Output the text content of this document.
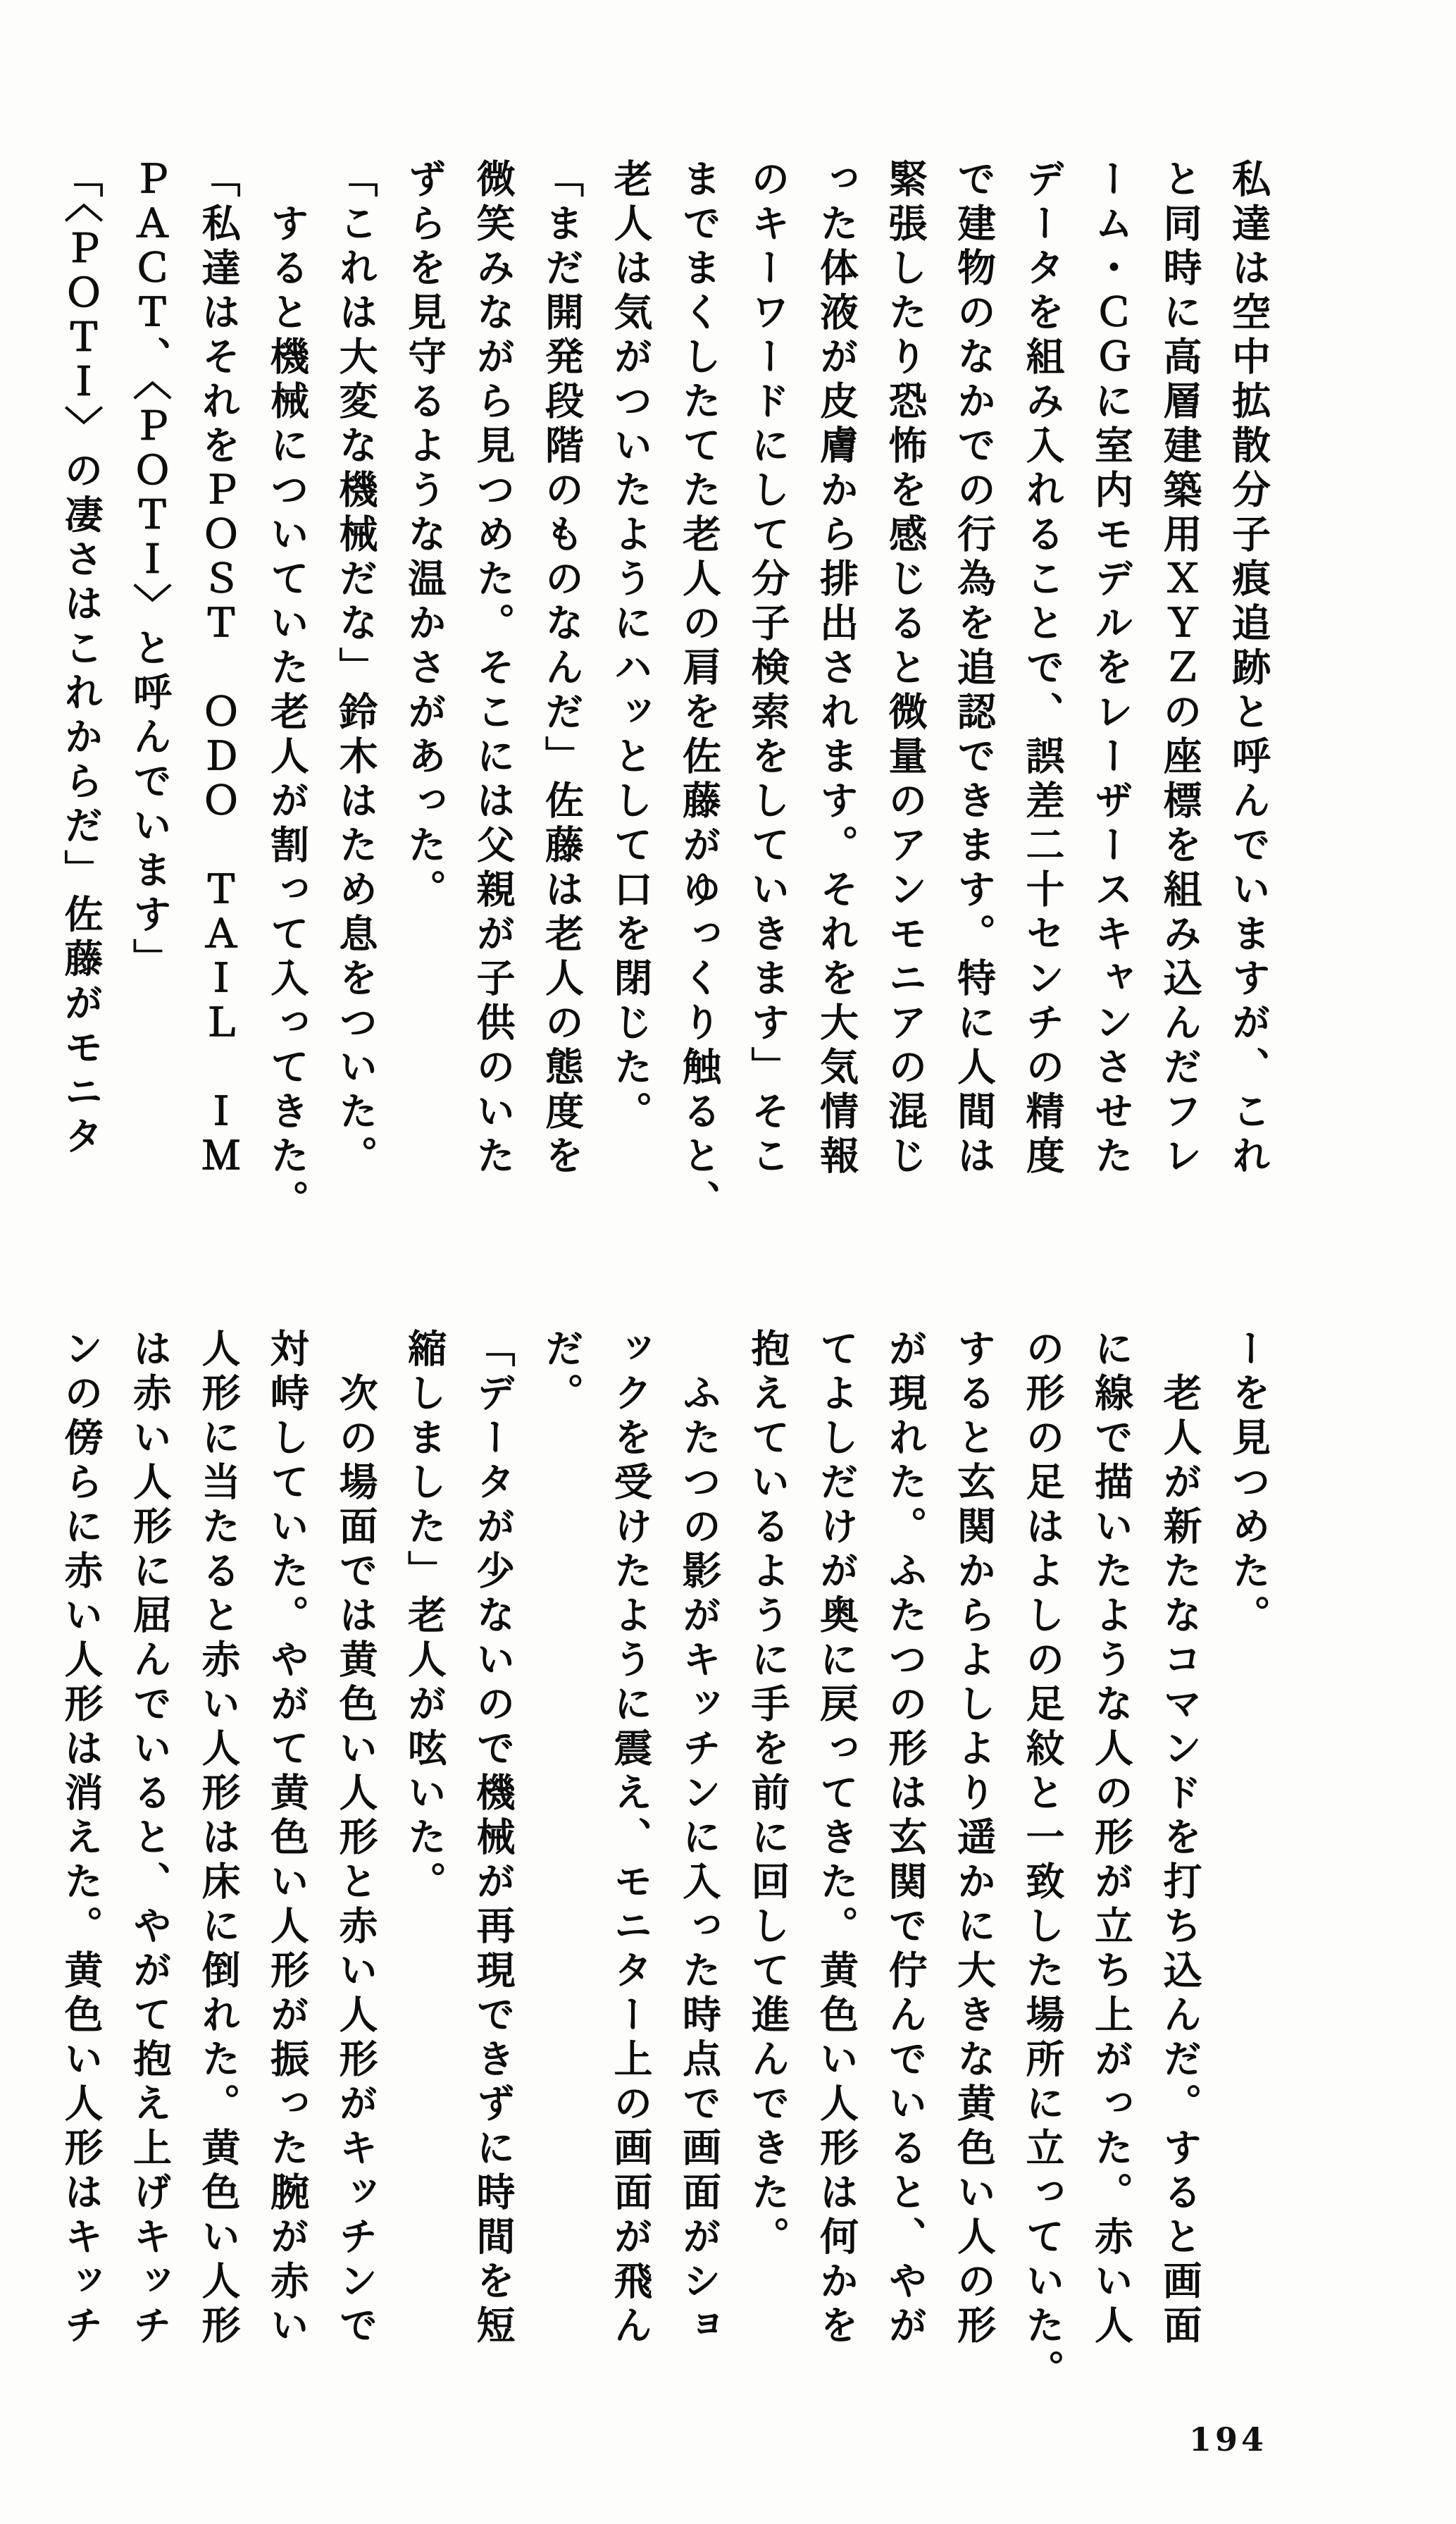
私達は空中拡散分子痕追跡と呼んでいますが、これ

と同時に高層建築用ＸＹＺの座標を組み込んだフレ

ーム・ＣＧに室内モデルをレーザースキャンさせた

データを組み入れることで、誤差二十センチの精度

で建物のなかでの行為を追認できます。特に人間は

緊張したり恐怖を感じると微量のアンモニアの混じ

った体液が皮膚から排出されます。それを大気情報

のキーワードにして分子検索をしていきます」そこ

までまくしたてた老人の肩を佐藤がゆっくり触ると、

老人は気がついたようにハッとして口を閉じた。

「まだ開発段階のものなんだ」佐藤は老人の態度を

微笑みながら見つめた。そこには父親が子供のいた

ずらを見守るような温かさがあった。

「これは大変な機械だな」鈴木はため息をついた。

　すると機械についていた老人が割って入ってきた。

「私達はそれをＰＯＳＴ　ＯＤＯ　ＴＡＩＬ　ＩＭ

ＰＡＣＴ、〈ＰＯＴＩ〉と呼んでいます」

「〈ＰＯＴＩ〉の凄さはこれからだ」佐藤がモニタ

ーを見つめた。

　老人が新たなコマンドを打ち込んだ。すると画面

に線で描いたような人の形が立ち上がった。赤い人

の形の足はよしの足紋と一致した場所に立っていた。

すると玄関からよしより遥かに大きな黄色い人の形

が現れた。ふたつの形は玄関で佇んでいると、やが

てよしだけが奥に戻ってきた。黄色い人形は何かを

抱えているように手を前に回して進んできた。

　ふたつの影がキッチンに入った時点で画面がショ

ックを受けたように震え、モニター上の画面が飛ん

だ。

「データが少ないので機械が再現できずに時間を短

縮しました」老人が呟いた。

　次の場面では黄色い人形と赤い人形がキッチンで

対峙していた。やがて黄色い人形が振った腕が赤い

人形に当たると赤い人形は床に倒れた。黄色い人形

は赤い人形に屈んでいると、やがて抱え上げキッチ

ンの傍らに赤い人形は消えた。黄色い人形はキッチ

194
